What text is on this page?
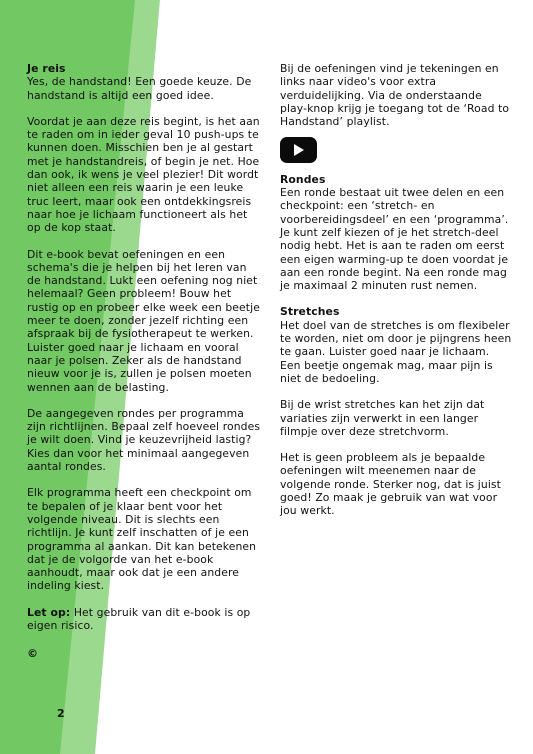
Je reis
Yes, de handstand! Een goede keuze. De handstand is altijd een goed idee.
Voordat je aan deze reis begint, is het aan te raden om in ieder geval 10 push-ups te kunnen doen. Misschien ben je al gestart met je handstandreis, of begin je net. Hoe dan ook, ik wens je veel plezier! Dit wordt niet alleen een reis waarin je een leuke truc leert, maar ook een ontdekkingsreis naar hoe je lichaam functioneert als het op de kop staat.
Dit e-book bevat oefeningen en een schema's die je helpen bij het leren van de handstand. Lukt een oefening nog niet helemaal? Geen probleem! Bouw het rustig op en probeer elke week een beetje meer te doen, zonder jezelf richting een afspraak bij de fysiotherapeut te werken. Luister goed naar je lichaam en vooral naar je polsen. Zeker als de handstand nieuw voor je is, zullen je polsen moeten wennen aan de belasting.
De aangegeven rondes per programma zijn richtlijnen. Bepaal zelf hoeveel rondes je wilt doen. Vind je keuzevrijheid lastig? Kies dan voor het minimaal aangegeven aantal rondes.
Elk programma heeft een checkpoint om te bepalen of je klaar bent voor het volgende niveau. Dit is slechts een richtlijn. Je kunt zelf inschatten of je een programma al aankan. Dit kan betekenen dat je de volgorde van het e-book aanhoudt, maar ook dat je een andere indeling kiest.
Let op: Het gebruik van dit e-book is op eigen risico.
Bij de oefeningen vind je tekeningen en links naar video's voor extra verduidelijking. Via de onderstaande play-knop krijg je toegang tot de ‘Road to Handstand’ playlist.
Rondes
Een ronde bestaat uit twee delen en een checkpoint: een ‘stretch- en voorbereidingsdeel’ en een ‘programma’. Je kunt zelf kiezen of je het stretch-deel nodig hebt. Het is aan te raden om eerst een eigen warming-up te doen voordat je aan een ronde begint. Na een ronde mag je maximaal 2 minuten rust nemen.
Stretches
Het doel van de stretches is om flexibeler te worden, niet om door je pijngrens heen te gaan. Luister goed naar je lichaam. Een beetje ongemak mag, maar pijn is niet de bedoeling.
Bij de wrist stretches kan het zijn dat variaties zijn verwerkt in een langer filmpje over deze stretchvorm.
Het is geen probleem als je bepaalde oefeningen wilt meenemen naar de volgende ronde. Sterker nog, dat is juist goed! Zo maak je gebruik van wat voor jou werkt.
©
2
